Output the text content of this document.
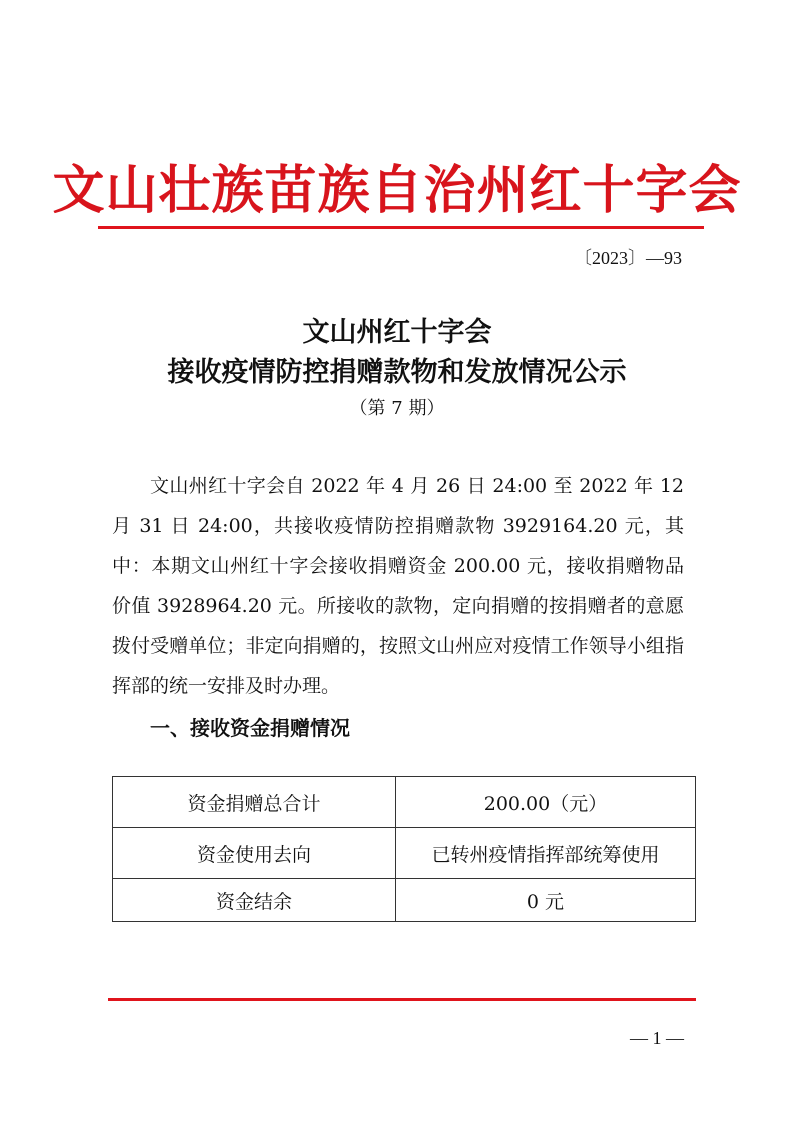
文山壮族苗族自治州红十字会
〔2023〕—93
文山州红十字会
接收疫情防控捐赠款物和发放情况公示
（第 7 期）
文山州红十字会自 2022 年 4 月 26 日 24:00 至 2022 年 12 月 31 日 24:00，共接收疫情防控捐赠款物 3929164.20 元，其中：本期文山州红十字会接收捐赠资金 200.00 元，接收捐赠物品价值 3928964.20 元。所接收的款物，定向捐赠的按捐赠者的意愿拨付受赠单位；非定向捐赠的，按照文山州应对疫情工作领导小组指挥部的统一安排及时办理。
一、接收资金捐赠情况
资金捐赠总合计	200.00（元）
资金使用去向	已转州疫情指挥部统筹使用
资金结余	0 元
— 1 —
